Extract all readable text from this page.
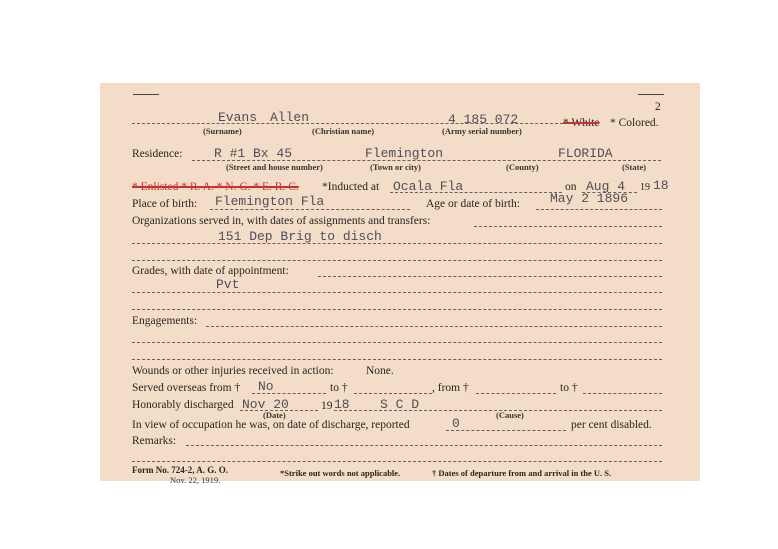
2
Evans Allen	4 185 072	* White * Colored.
(Surname)	(Christian name)	(Army serial number)
Residence: R #1 Bx 45	Flemington	FLORIDA
(Street and house number)	(Town or city)	(County)	(State)
* Enlisted * R. A. * N. G. * E. R. C. *Inducted at Ocala Fla	on Aug 4 19 18
Place of birth: Flemington Fla	Age or date of birth: May 2 1896
Organizations served in, with dates of assignments and transfers:
151 Dep Brig to disch
Grades, with date of appointment:
Pvt
Engagements:
Wounds or other injuries received in action:	None.
Served overseas from † No	to †	, from †	to †
Honorably discharged Nov 20	19 18 S C D
(Date)	(Cause)
In view of occupation he was, on date of discharge, reported	0	per cent disabled.
Remarks:
Form No. 724-2, A. G. O.
Nov. 22, 1919.
*Strike out words not applicable.	† Dates of departure from and arrival in the U. S.
